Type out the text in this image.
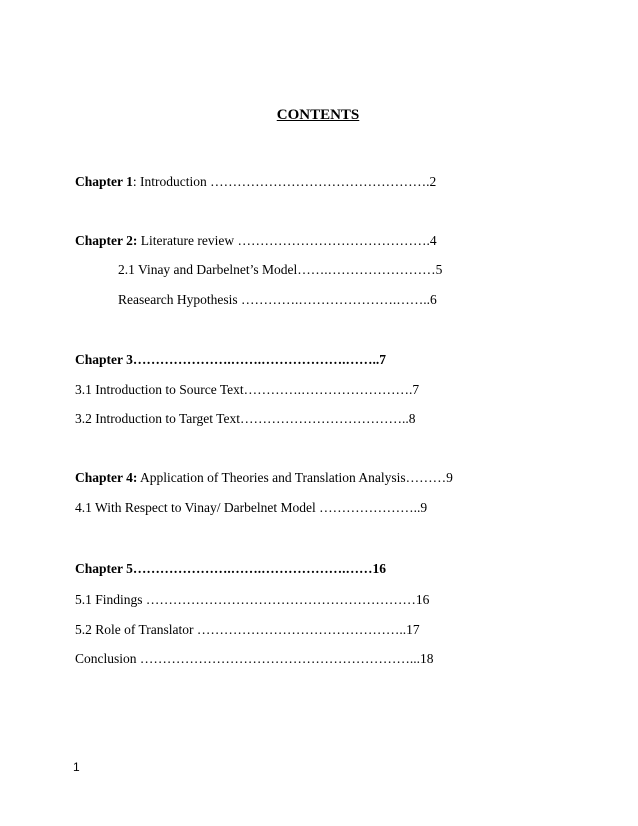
CONTENTS
Chapter 1: Introduction ………………………………………….2
Chapter 2: Literature review …………………………………….4
2.1 Vinay and Darbelnet’s Model…….……………………5
Reasearch Hypothesis ………….………………….……..6
Chapter 3………………….…….……………….……..7
3.1 Introduction to Source Text………….…………………….7
3.2 Introduction to Target Text………………………………..8
Chapter 4: Application of Theories and Translation Analysis………9
4.1 With Respect to Vinay/ Darbelnet Model …………………..9
Chapter 5………………….…….……………….……16
5.1 Findings ……………………………………………………16
5.2 Role of Translator ………………………………………..17
Conclusion ……………………………………………………...18
1
